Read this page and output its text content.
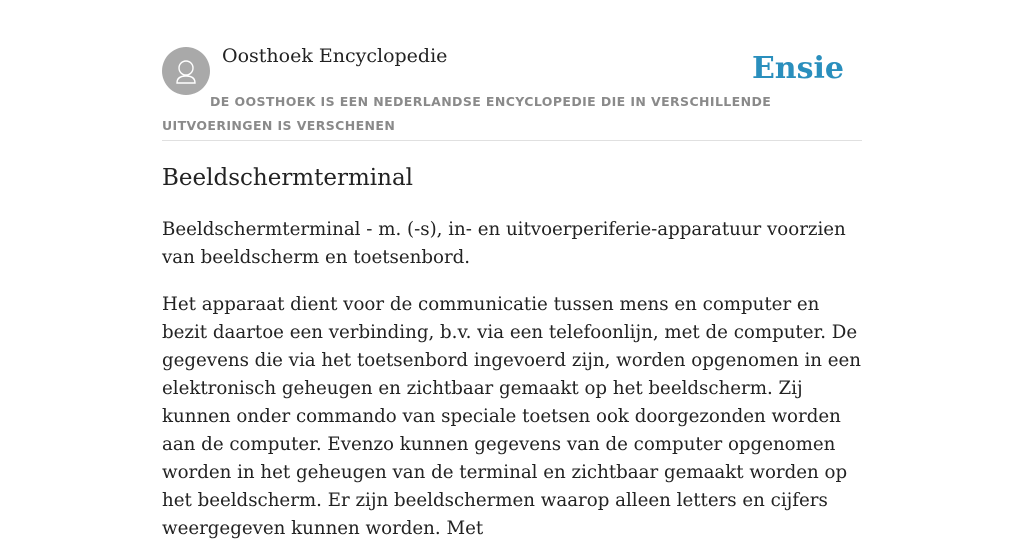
Oosthoek Encyclopedie	Ensie
DE OOSTHOEK IS EEN NEDERLANDSE ENCYCLOPEDIE DIE IN VERSCHILLENDE UITVOERINGEN IS VERSCHENEN
Beeldschermterminal

Beeldschermterminal - m. (-s), in- en uitvoerperiferie-apparatuur voorzien van beeldscherm en toetsenbord.

Het apparaat dient voor de communicatie tussen mens en computer en bezit daartoe een verbinding, b.v. via een telefoonlijn, met de computer. De gegevens die via het toetsenbord ingevoerd zijn, worden opgenomen in een elektronisch geheugen en zichtbaar gemaakt op het beeldscherm. Zij kunnen onder commando van speciale toetsen ook doorgezonden worden aan de computer. Evenzo kunnen gegevens van de computer opgenomen worden in het geheugen van de terminal en zichtbaar gemaakt worden op het beeldscherm. Er zijn beeldschermen waarop alleen letters en cijfers weergegeven kunnen worden. Met
